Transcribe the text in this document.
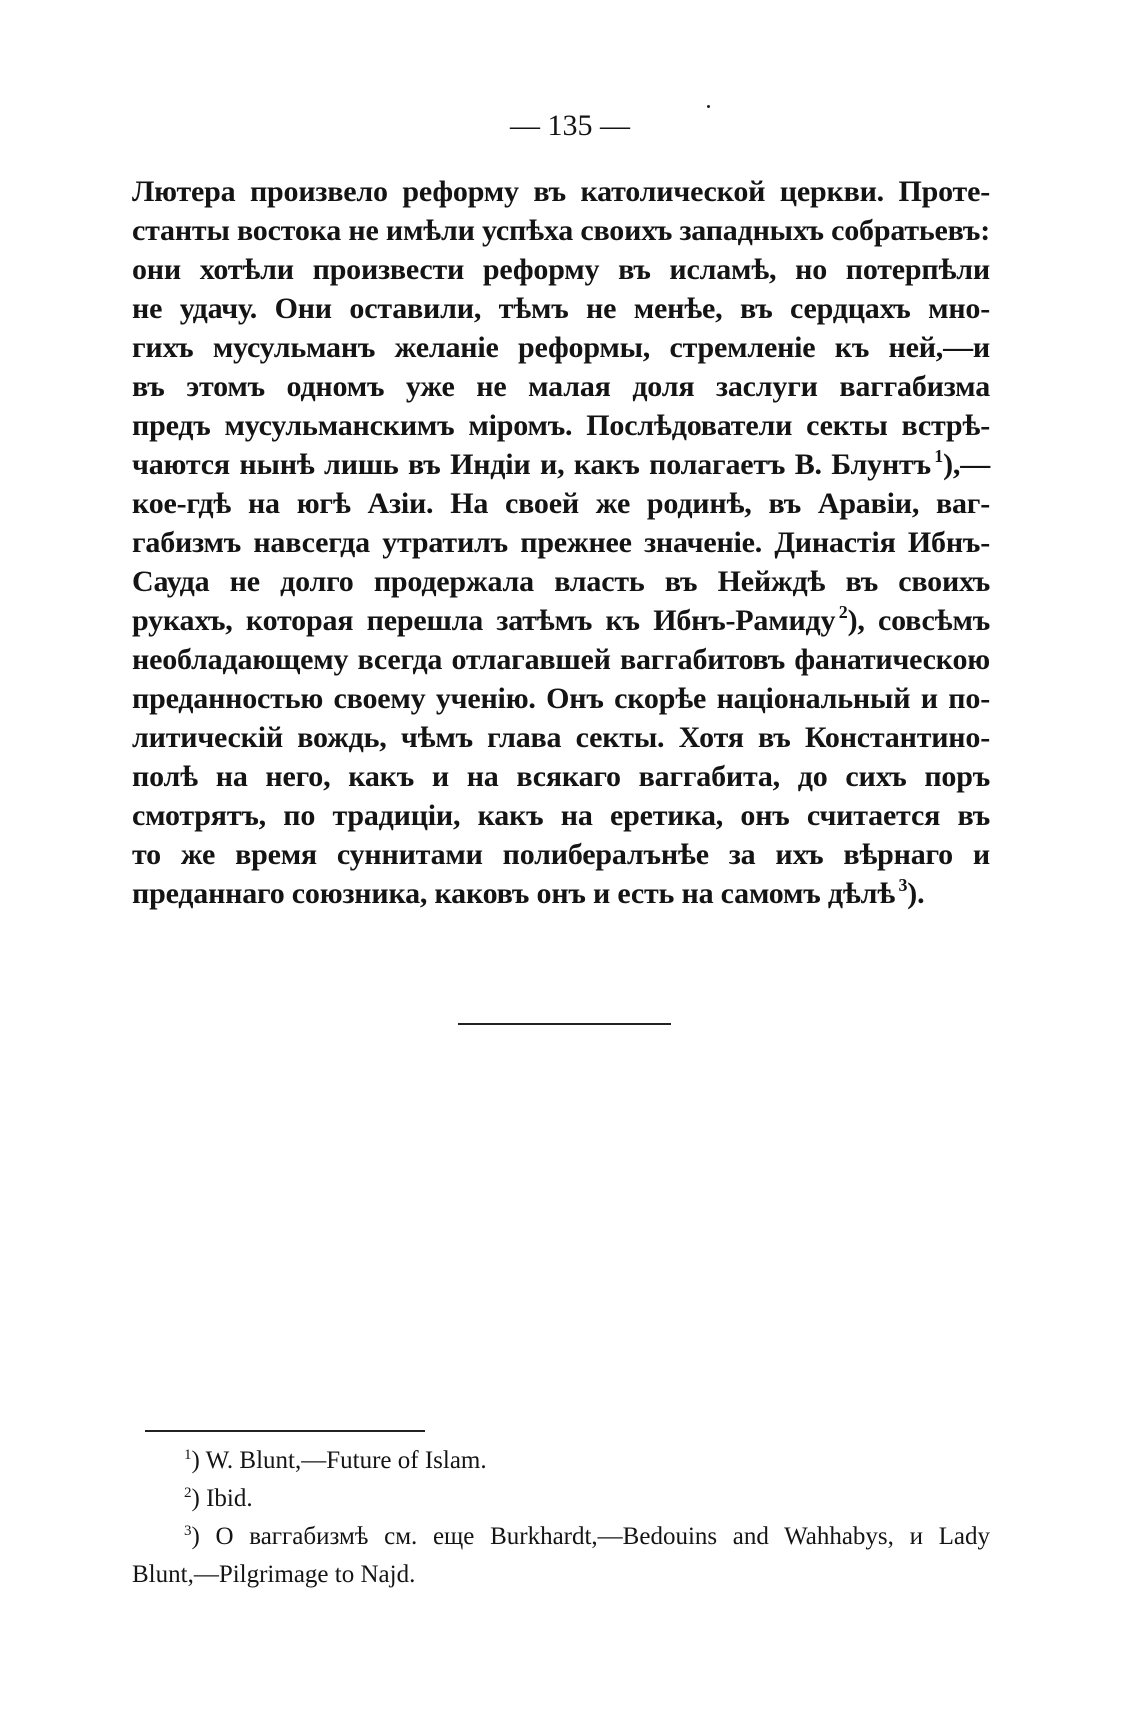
— 135 —
Лютера произвело реформу въ католической церкви. Проте-
станты востока не имѣли успѣха своихъ западныхъ собратьевъ:
они хотѣли произвести реформу въ исламѣ, но потерпѣли
не удачу. Они оставили, тѣмъ не менѣе, въ сердцахъ мно-
гихъ мусульманъ желаніе реформы, стремленіе къ ней,—и
въ этомъ одномъ уже не малая доля заслуги ваггабизма
предъ мусульманскимъ міромъ. Послѣдователи секты встрѣ-
чаются нынѣ лишь въ Индіи и, какъ полагаетъ В. Блунтъ $^1$),—
кое-гдѣ на югѣ Азіи. На своей же родинѣ, въ Аравіи, ваг-
габизмъ навсегда утратилъ прежнее значеніе. Династія Ибнъ-
Сауда не долго продержала власть въ Нейждѣ въ своихъ
рукахъ, которая перешла затѣмъ къ Ибнъ-Рамиду $^2$), совсѣмъ
необладающему всегда отлагавшей ваггабитовъ фанатическою
преданностью своему ученію. Онъ скорѣе національный и по-
литическій вождь, чѣмъ глава секты. Хотя въ Константино-
полѣ на него, какъ и на всякаго ваггабита, до сихъ поръ
смотрятъ, по традиціи, какъ на еретика, онъ считается въ
то же время суннитами полибералънѣе за ихъ вѣрнаго и
преданнаго союзника, каковъ онъ и есть на самомъ дѣлѣ $^3$).
$^1$) W. Blunt,—Future of Islam.
$^2$) Ibid.
$^3$) О ваггабизмѣ см. еще Burkhardt,—Bedouins and Wahhabys, и Lady
Blunt,—Pilgrimage to Najd.
